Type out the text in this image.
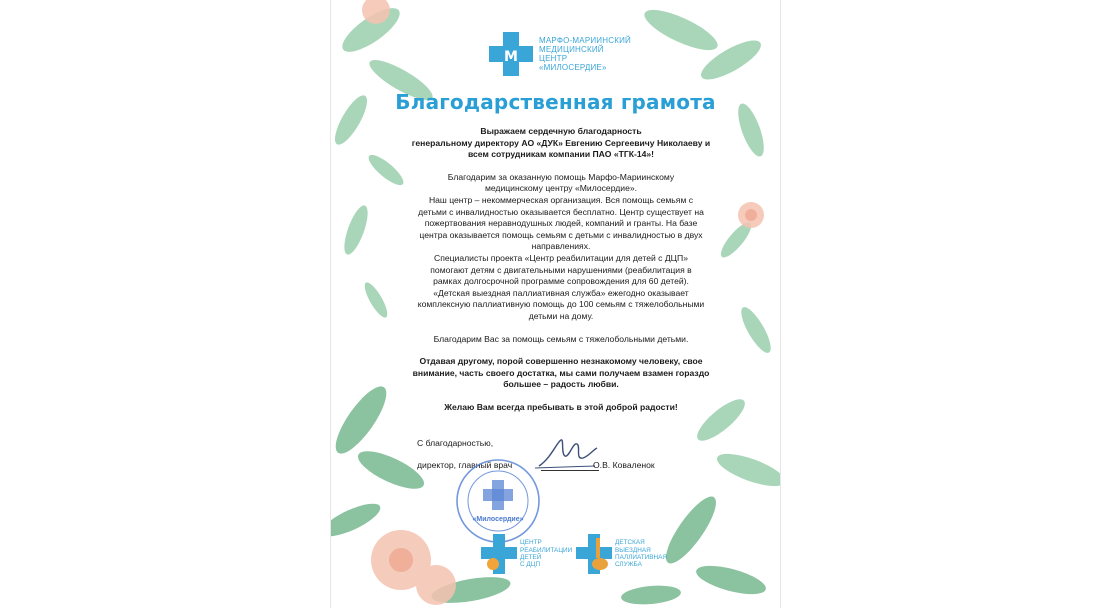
М
МАРФО-МАРИИНСКИЙ
МЕДИЦИНСКИЙ
ЦЕНТР
«МИЛОСЕРДИЕ»
Благодарственная грамота
Выражаем сердечную благодарность
генеральному директору АО «ДУК» Евгению Сергеевичу Николаеву и
всем сотрудникам компании ПАО «ТГК-14»!
Благодарим за оказанную помощь Марфо-Мариинскому
медицинскому центру «Милосердие».
Наш центр – некоммерческая организация. Вся помощь семьям с
детьми с инвалидностью оказывается бесплатно. Центр существует на
пожертвования неравнодушных людей, компаний и гранты. На базе
центра оказывается помощь семьям с детьми с инвалидностью в двух
направлениях.
Специалисты проекта «Центр реабилитации для детей с ДЦП»
помогают детям с двигательными нарушениями (реабилитация в
рамках долгосрочной программе сопровождения для 60 детей).
«Детская выездная паллиативная служба» ежегодно оказывает
комплексную паллиативную помощь до 100 семьям с тяжелобольными
детьми на дому.
Благодарим Вас за помощь семьям с тяжелобольными детьми.
Отдавая другому, порой совершенно незнакомому человеку, свое
внимание, часть своего достатка, мы сами получаем взамен гораздо
большее – радость любви.
Желаю Вам всегда пребывать в этой доброй радости!
С благодарностью,
директор, главный врач
«Милосердие»
О.В. Коваленок
ЦЕНТР
РЕАБИЛИТАЦИИ
ДЕТЕЙ
С ДЦП
ДЕТСКАЯ
ВЫЕЗДНАЯ
ПАЛЛИАТИВНАЯ
СЛУЖБА
